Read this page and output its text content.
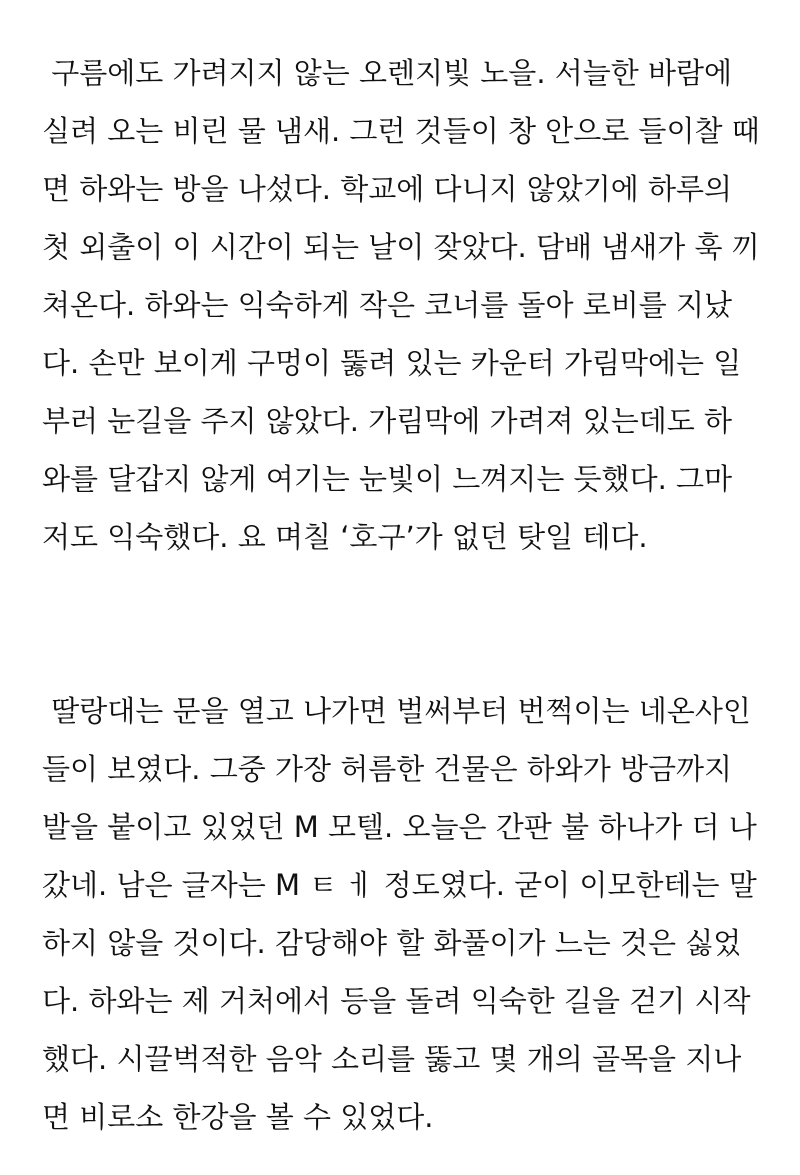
구름에도 가려지지 않는 오렌지빛 노을. 서늘한 바람에
실려 오는 비린 물 냄새. 그런 것들이 창 안으로 들이찰 때
면 하와는 방을 나섰다. 학교에 다니지 않았기에 하루의
첫 외출이 이 시간이 되는 날이 잦았다. 담배 냄새가 훅 끼
쳐온다. 하와는 익숙하게 작은 코너를 돌아 로비를 지났
다. 손만 보이게 구멍이 뚫려 있는 카운터 가림막에는 일
부러 눈길을 주지 않았다. 가림막에 가려져 있는데도 하
와를 달갑지 않게 여기는 눈빛이 느껴지는 듯했다. 그마
저도 익숙했다. 요 며칠 ‘호구’가 없던 탓일 테다.
딸랑대는 문을 열고 나가면 벌써부터 번쩍이는 네온사인
들이 보였다. 그중 가장 허름한 건물은 하와가 방금까지
발을 붙이고 있었던 M 모텔. 오늘은 간판 불 하나가 더 나
갔네. 남은 글자는 M ㅌ ㅔ 정도였다. 굳이 이모한테는 말
하지 않을 것이다. 감당해야 할 화풀이가 느는 것은 싫었
다. 하와는 제 거처에서 등을 돌려 익숙한 길을 걷기 시작
했다. 시끌벅적한 음악 소리를 뚫고 몇 개의 골목을 지나
면 비로소 한강을 볼 수 있었다.
